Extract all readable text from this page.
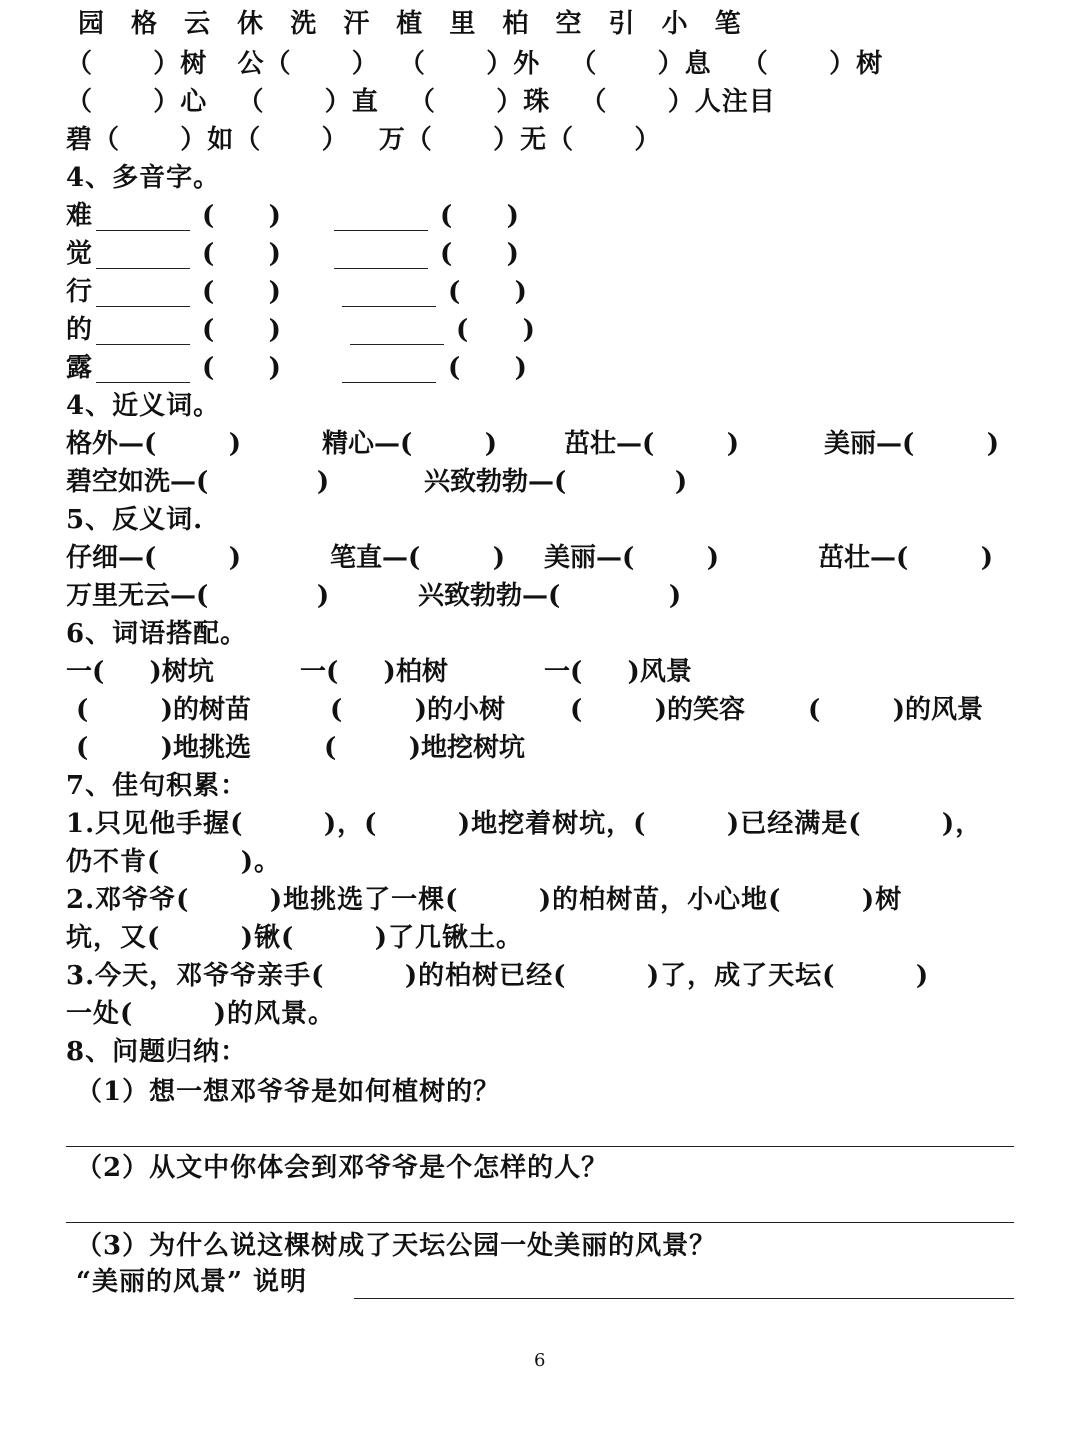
园 格 云 休 洗 汗 植 里 柏 空 引 小 笔
（      ）树   公（      ）  （      ）外   （      ）息   （      ）树
（      ）心   （      ）直   （      ）珠   （      ）人注目
碧（      ）如（      ）   万（      ）无（      ）
4、多音字。
难	(      )	(      )
觉	(      )	(      )
行	(      )	(      )
的	(      )	(      )
露	(      )	(      )
4、近义词。
格外—(        )	精心—(        )	茁壮—(        )	美丽—(        )
碧空如洗—(            )	兴致勃勃—(            )
5、反义词.
仔细—(        )	笔直—(        ) 美丽—(        )	茁壮—(        )
万里无云—(            )	兴致勃勃—(            )
6、词语搭配。
一(     )树坑	一(     )柏树	一(     )风景
(        )的树苗	(        )的小树 (        )的笑容 (        )的风景
(        )地挑选	(        )地挖树坑
7、佳句积累：
1.只见他手握(        )，(        )地挖着树坑，(        )已经满是(        )，
仍不肯(        )。
2.邓爷爷(        )地挑选了一棵(        )的柏树苗，小心地(        )树
坑，又(        )锹(        )了几锹土。
3.今天，邓爷爷亲手(        )的柏树已经(        )了，成了天坛(        )
一处(        )的风景。
8、问题归纳：
（1）想一想邓爷爷是如何植树的？
（2）从文中你体会到邓爷爷是个怎样的人？
（3）为什么说这棵树成了天坛公园一处美丽的风景？
“美丽的风景” 说明
6
